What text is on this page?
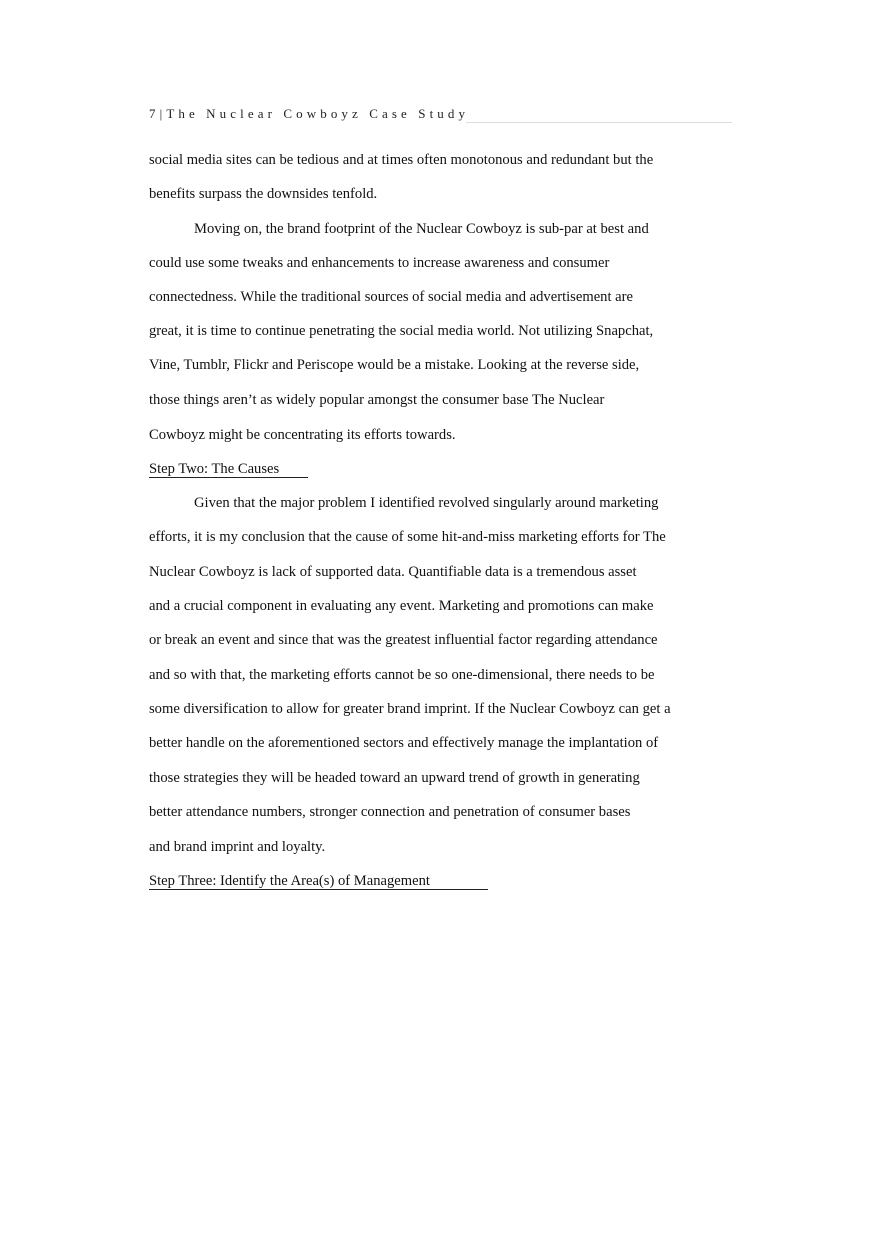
7|The Nuclear Cowboyz Case Study
social media sites can be tedious and at times often monotonous and redundant but the
benefits surpass the downsides tenfold.
Moving on, the brand footprint of the Nuclear Cowboyz is sub-par at best and
could use some tweaks and enhancements to increase awareness and consumer
connectedness. While the traditional sources of social media and advertisement are
great, it is time to continue penetrating the social media world. Not utilizing Snapchat,
Vine, Tumblr, Flickr and Periscope would be a mistake. Looking at the reverse side,
those things aren’t as widely popular amongst the consumer base The Nuclear
Cowboyz might be concentrating its efforts towards.
Step Two: The Causes
Given that the major problem I identified revolved singularly around marketing
efforts, it is my conclusion that the cause of some hit-and-miss marketing efforts for The
Nuclear Cowboyz is lack of supported data. Quantifiable data is a tremendous asset
and a crucial component in evaluating any event. Marketing and promotions can make
or break an event and since that was the greatest influential factor regarding attendance
and so with that, the marketing efforts cannot be so one-dimensional, there needs to be
some diversification to allow for greater brand imprint. If the Nuclear Cowboyz can get a
better handle on the aforementioned sectors and effectively manage the implantation of
those strategies they will be headed toward an upward trend of growth in generating
better attendance numbers, stronger connection and penetration of consumer bases
and brand imprint and loyalty.
Step Three: Identify the Area(s) of Management
